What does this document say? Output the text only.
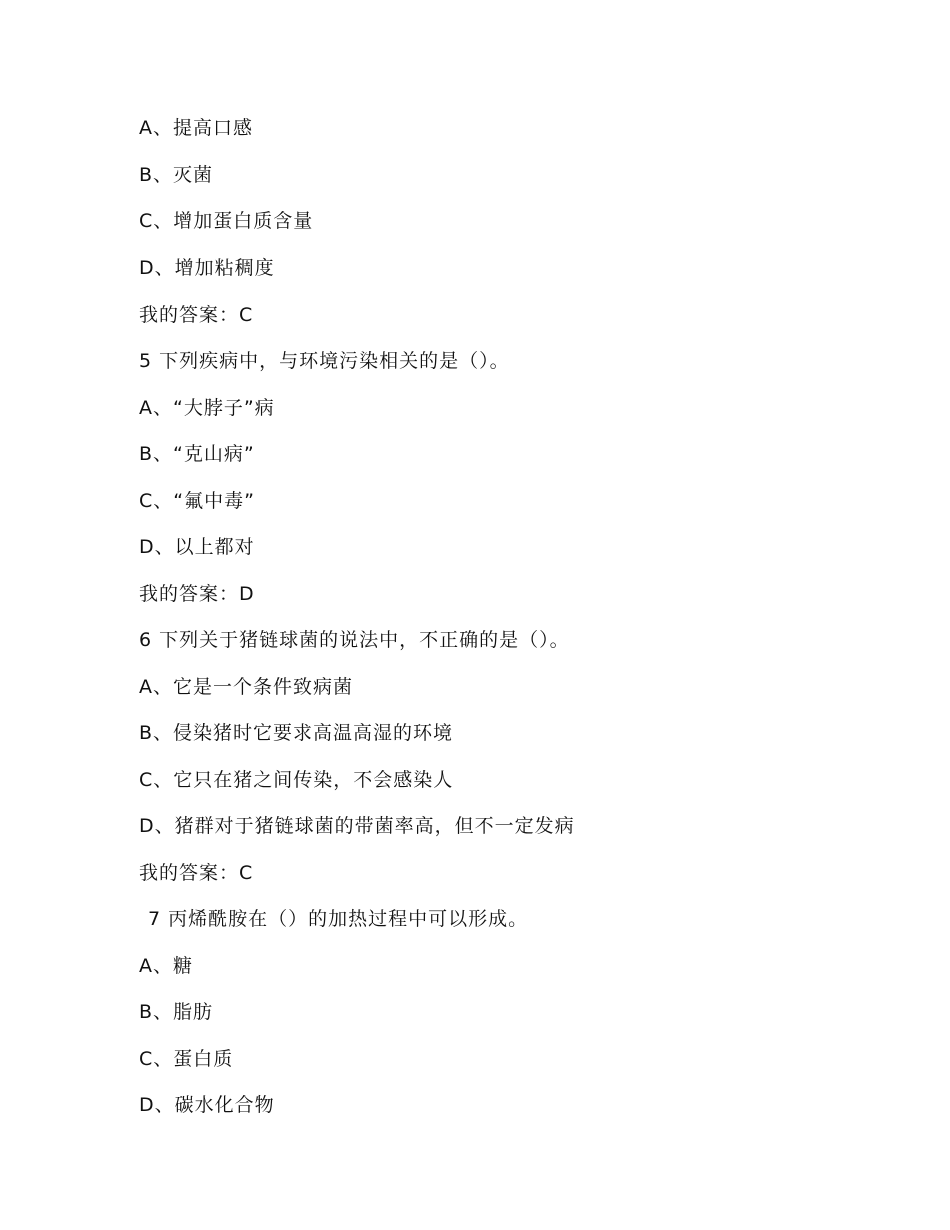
A、提高口感
B、灭菌
C、增加蛋白质含量
D、增加粘稠度
我的答案：C
5 下列疾病中，与环境污染相关的是（）。
A、“大脖子”病
B、“克山病”
C、“氟中毒”
D、以上都对
我的答案：D
6 下列关于猪链球菌的说法中，不正确的是（）。
A、它是一个条件致病菌
B、侵染猪时它要求高温高湿的环境
C、它只在猪之间传染，不会感染人
D、猪群对于猪链球菌的带菌率高，但不一定发病
我的答案：C
7 丙烯酰胺在（）的加热过程中可以形成。
A、糖
B、脂肪
C、蛋白质
D、碳水化合物
